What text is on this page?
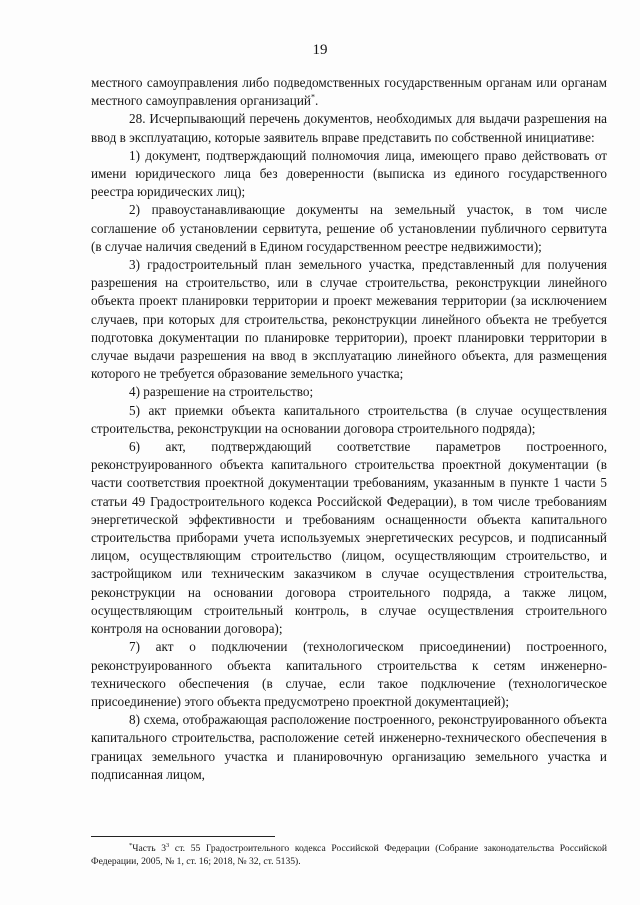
19

местного самоуправления либо подведомственных государственным органам или органам местного самоуправления организаций*.

28. Исчерпывающий перечень документов, необходимых для выдачи разрешения на ввод в эксплуатацию, которые заявитель вправе представить по собственной инициативе:

1) документ, подтверждающий полномочия лица, имеющего право действовать от имени юридического лица без доверенности (выписка из единого государственного реестра юридических лиц);

2) правоустанавливающие документы на земельный участок, в том числе соглашение об установлении сервитута, решение об установлении публичного сервитута (в случае наличия сведений в Едином государственном реестре недвижимости);

3) градостроительный план земельного участка, представленный для получения разрешения на строительство, или в случае строительства, реконструкции линейного объекта проект планировки территории и проект межевания территории (за исключением случаев, при которых для строительства, реконструкции линейного объекта не требуется подготовка документации по планировке территории), проект планировки территории в случае выдачи разрешения на ввод в эксплуатацию линейного объекта, для размещения которого не требуется образование земельного участка;

4) разрешение на строительство;

5) акт приемки объекта капитального строительства (в случае осуществления строительства, реконструкции на основании договора строительного подряда);

6) акт, подтверждающий соответствие параметров построенного, реконструированного объекта капитального строительства проектной документации (в части соответствия проектной документации требованиям, указанным в пункте 1 части 5 статьи 49 Градостроительного кодекса Российской Федерации), в том числе требованиям энергетической эффективности и требованиям оснащенности объекта капитального строительства приборами учета используемых энергетических ресурсов, и подписанный лицом, осуществляющим строительство (лицом, осуществляющим строительство, и застройщиком или техническим заказчиком в случае осуществления строительства, реконструкции на основании договора строительного подряда, а также лицом, осуществляющим строительный контроль, в случае осуществления строительного контроля на основании договора);

7) акт о подключении (технологическом присоединении) построенного, реконструированного объекта капитального строительства к сетям инженерно-технического обеспечения (в случае, если такое подключение (технологическое присоединение) этого объекта предусмотрено проектной документацией);

8) схема, отображающая расположение построенного, реконструированного объекта капитального строительства, расположение сетей инженерно-технического обеспечения в границах земельного участка и планировочную организацию земельного участка и подписанная лицом,

*Часть $3^3$ ст. 55 Градостроительного кодекса Российской Федерации (Собрание законодательства Российской Федерации, 2005, № 1, ст. 16; 2018, № 32, ст. 5135).
